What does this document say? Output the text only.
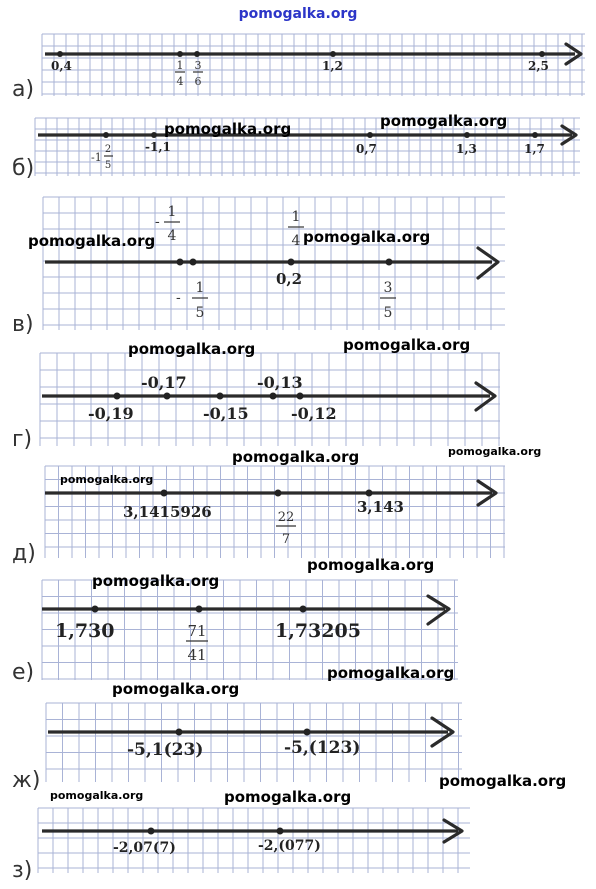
pomogalka.org
0,4	1
4
3
6
1,2	2,5
а)
-1
2
5
-1,1	0,7	1,3	1,7
б)
-
1
4
-
1
5
1
4
0,2	3
5
в)
-0,19
-0,17
-0,15
-0,13
-0,12
г)
3,1415926	22
7
3,143
д)
1,730	71
41
1,73205
е)
-5,1(23)	-5,(123)
ж)
-2,07(7)	-2,(077)
з)
pomogalka.org	pomogalka.org
pomogalka.org	pomogalka.org
pomogalka.org	pomogalka.org
pomogalka.org	pomogalka.org
pomogalka.org
pomogalka.org
pomogalka.org
pomogalka.org
pomogalka.org
pomogalka.org
pomogalka.org	pomogalka.org
